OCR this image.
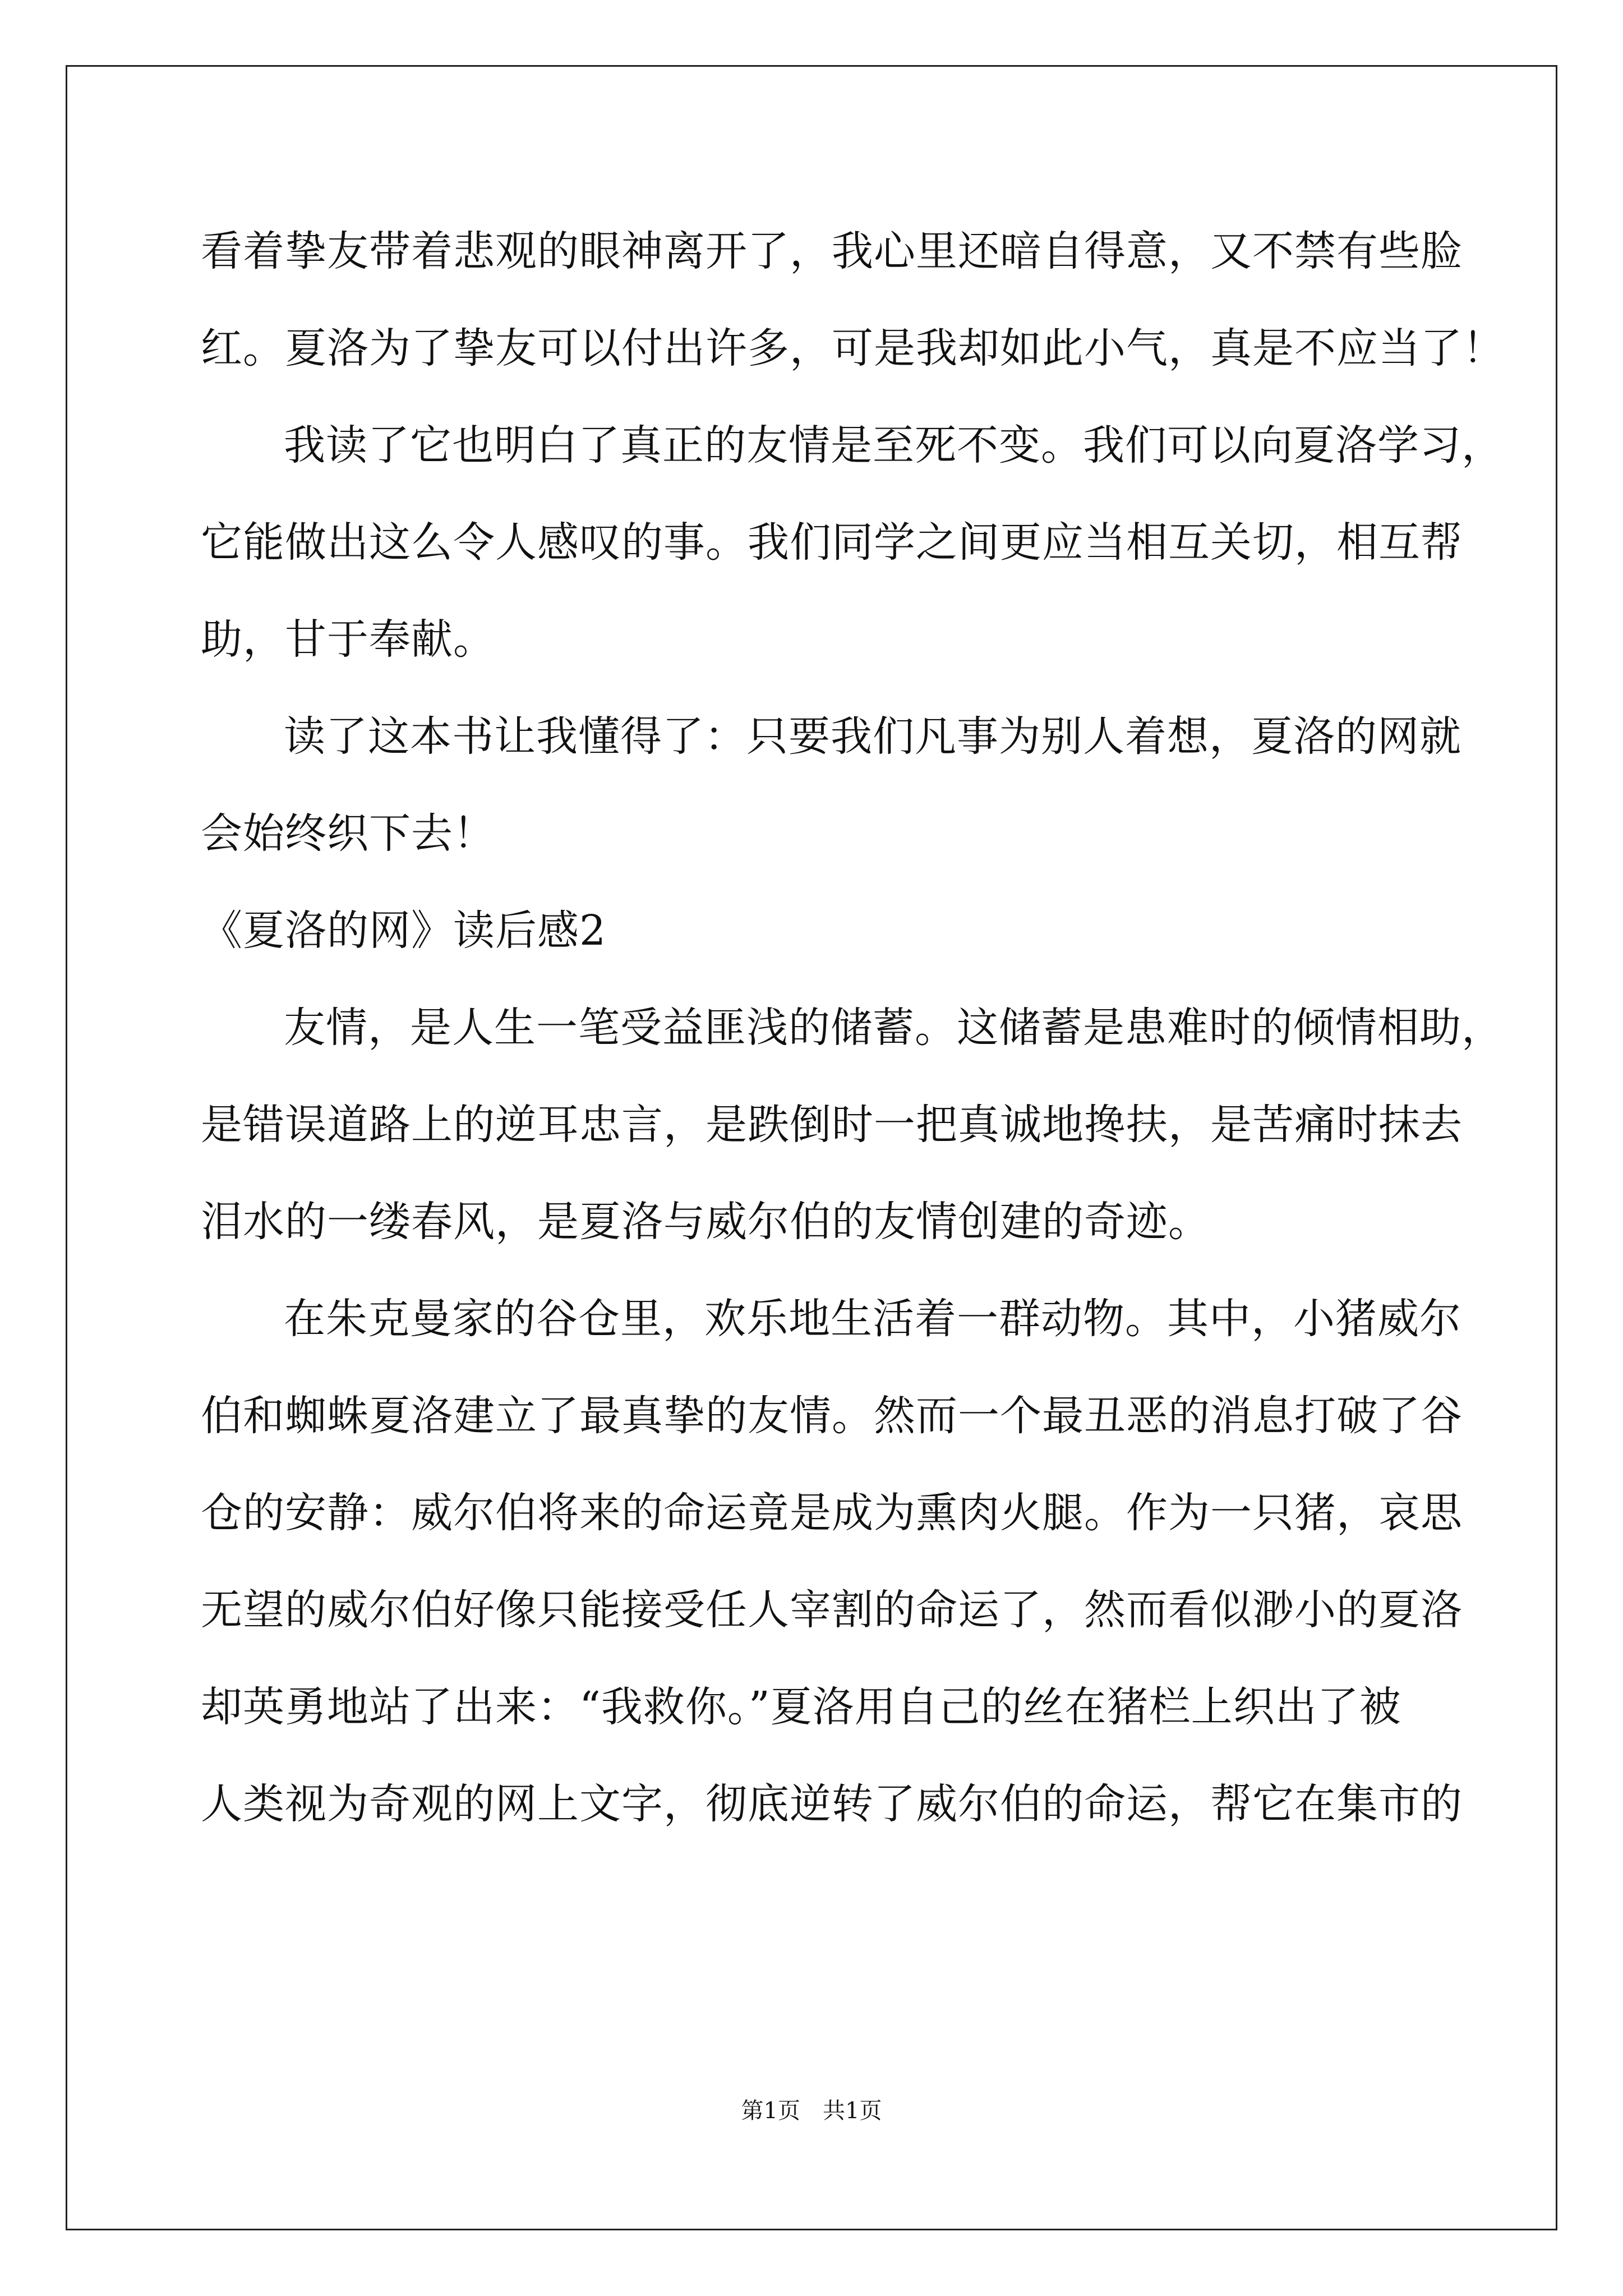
看着挚友带着悲观的眼神离开了，我心里还暗自得意，又不禁有些脸
红。夏洛为了挚友可以付出许多，可是我却如此小气，真是不应当了！
我读了它也明白了真正的友情是至死不变。我们可以向夏洛学习，
它能做出这么令人感叹的事。我们同学之间更应当相互关切，相互帮
助，甘于奉献。
读了这本书让我懂得了：只要我们凡事为别人着想，夏洛的网就
会始终织下去！
《夏洛的网》读后感2
友情，是人生一笔受益匪浅的储蓄。这储蓄是患难时的倾情相助，
是错误道路上的逆耳忠言，是跌倒时一把真诚地搀扶，是苦痛时抹去
泪水的一缕春风，是夏洛与威尔伯的友情创建的奇迹。
在朱克曼家的谷仓里，欢乐地生活着一群动物。其中，小猪威尔
伯和蜘蛛夏洛建立了最真挚的友情。然而一个最丑恶的消息打破了谷
仓的安静：威尔伯将来的命运竟是成为熏肉火腿。作为一只猪，哀思
无望的威尔伯好像只能接受任人宰割的命运了，然而看似渺小的夏洛
却英勇地站了出来：“我救你。”夏洛用自己的丝在猪栏上织出了被
人类视为奇观的网上文字，彻底逆转了威尔伯的命运，帮它在集市的
第1页　共1页
